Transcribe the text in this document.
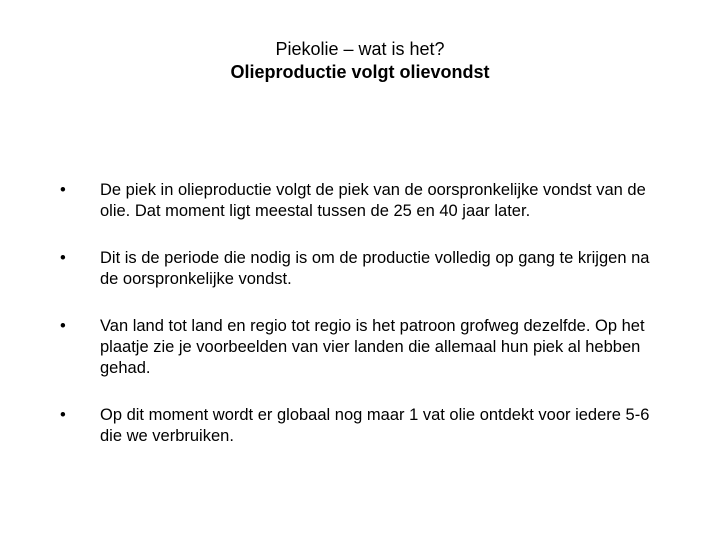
Piekolie – wat is het?
Olieproductie volgt olievondst
•	De piek in olieproductie volgt de piek van de oorspronkelijke vondst van de olie. Dat moment ligt meestal tussen de 25 en 40 jaar later.
•	Dit is de periode die nodig is om de productie volledig op gang te krijgen na de oorspronkelijke vondst.
•	Van land tot land en regio tot regio is het patroon grofweg dezelfde. Op het plaatje zie je voorbeelden van vier landen die allemaal hun piek al hebben gehad.
•	Op dit moment wordt er globaal nog maar 1 vat olie ontdekt voor iedere 5-6 die we verbruiken.
